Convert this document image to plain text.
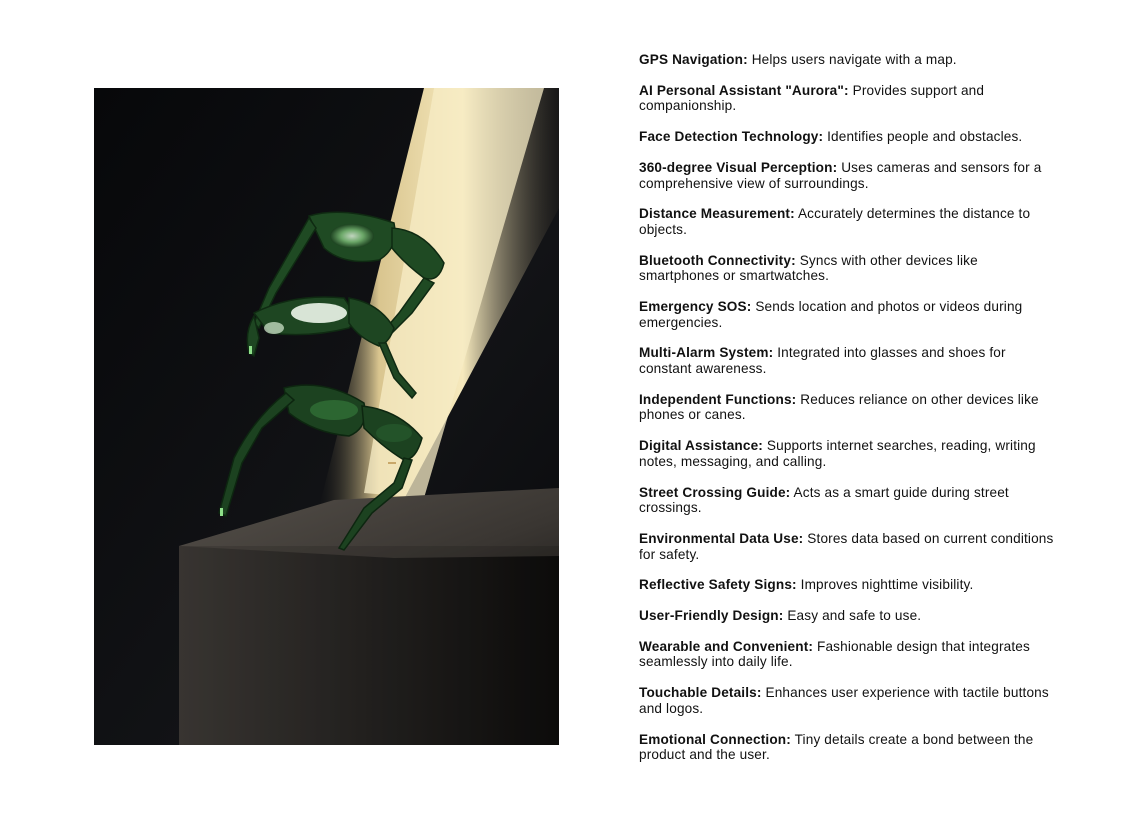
GPS Navigation: Helps users navigate with a map.
AI Personal Assistant "Aurora": Provides support and companionship.
Face Detection Technology: Identifies people and obstacles.
360-degree Visual Perception: Uses cameras and sensors for a comprehensive view of surroundings.
Distance Measurement: Accurately determines the distance to objects.
Bluetooth Connectivity: Syncs with other devices like smartphones or smartwatches.
Emergency SOS: Sends location and photos or videos during emergencies.
Multi-Alarm System: Integrated into glasses and shoes for constant awareness.
Independent Functions: Reduces reliance on other devices like phones or canes.
Digital Assistance: Supports internet searches, reading, writing notes, messaging, and calling.
Street Crossing Guide: Acts as a smart guide during street crossings.
Environmental Data Use: Stores data based on current conditions for safety.
Reflective Safety Signs: Improves nighttime visibility.
User-Friendly Design: Easy and safe to use.
Wearable and Convenient: Fashionable design that integrates seamlessly into daily life.
Touchable Details: Enhances user experience with tactile buttons and logos.
Emotional Connection: Tiny details create a bond between the product and the user.
